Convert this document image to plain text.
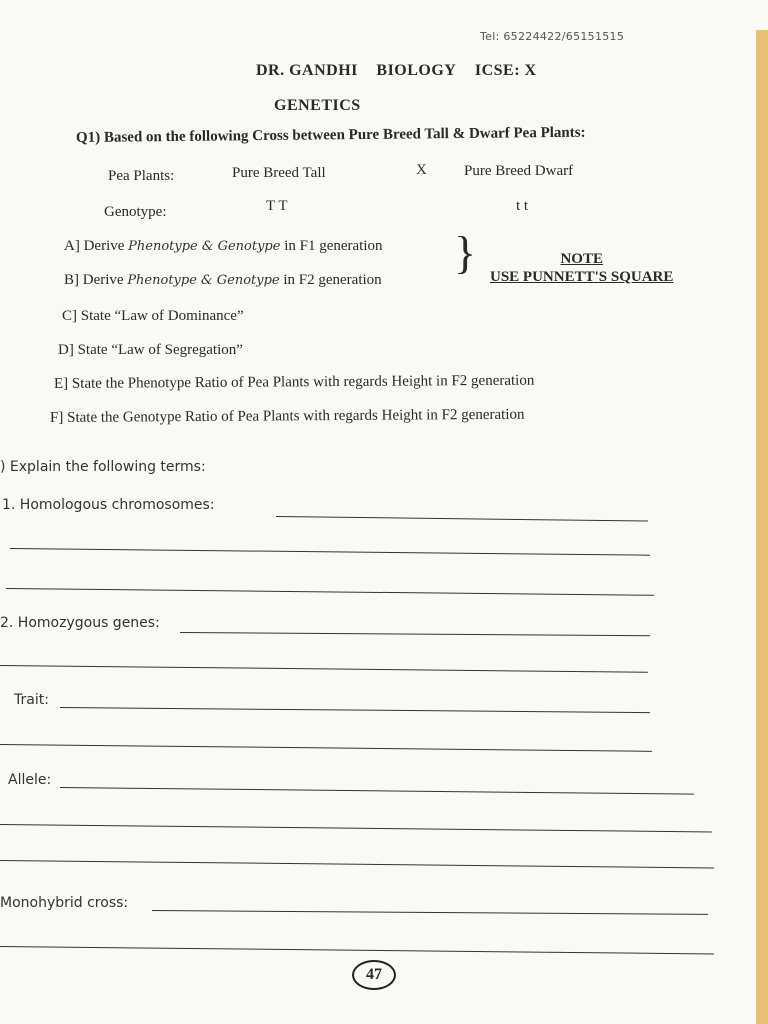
Tel: 65224422/65151515
DR. GANDHI BIOLOGY ICSE: X
GENETICS
Q1) Based on the following Cross between Pure Breed Tall & Dwarf Pea Plants:
Pea Plants:	Pure Breed Tall	X Pure Breed Dwarf
Genotype:	T T	t t
A] Derive Phenotype & Genotype in F1 generation
B] Derive Phenotype & Genotype in F2 generation
}	NOTE
USE PUNNETT'S SQUARE
C] State “Law of Dominance”
D] State “Law of Segregation”
E] State the Phenotype Ratio of Pea Plants with regards Height in F2 generation
F] State the Genotype Ratio of Pea Plants with regards Height in F2 generation
) Explain the following terms:
1. Homologous chromosomes:
2. Homozygous genes:
Trait:
Allele:
Monohybrid cross:
47
